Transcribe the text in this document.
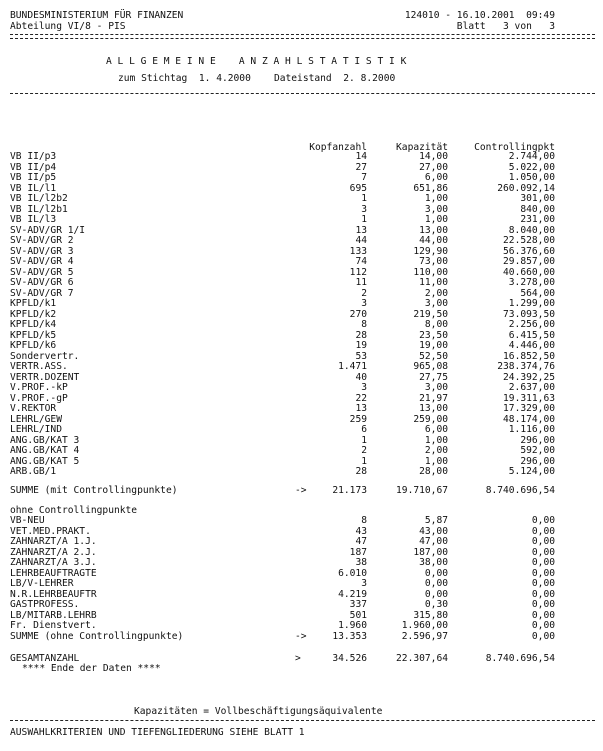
BUNDESMINISTERIUM FÜR FINANZEN
Abteilung VI/8 - PIS
124010 - 16.10.2001  09:49
Blatt   3 von   3
A L L G E M E I N E    A N Z A H L S T A T I S T I K
zum Stichtag  1. 4.2000    Dateistand  2. 8.2000
Kopfanzahl	Kapazität	Controllingpkt
VB II/p3	14	14,00	2.744,00
VB II/p4	27	27,00	5.022,00
VB II/p5	7	6,00	1.050,00
VB IL/l1	695	651,86	260.092,14
VB IL/l2b2	1	1,00	301,00
VB IL/l2b1	3	3,00	840,00
VB IL/l3	1	1,00	231,00
SV-ADV/GR 1/I	13	13,00	8.040,00
SV-ADV/GR 2	44	44,00	22.528,00
SV-ADV/GR 3	133	129,90	56.376,60
SV-ADV/GR 4	74	73,00	29.857,00
SV-ADV/GR 5	112	110,00	40.660,00
SV-ADV/GR 6	11	11,00	3.278,00
SV-ADV/GR 7	2	2,00	564,00
KPFLD/k1	3	3,00	1.299,00
KPFLD/k2	270	219,50	73.093,50
KPFLD/k4	8	8,00	2.256,00
KPFLD/k5	28	23,50	6.415,50
KPFLD/k6	19	19,00	4.446,00
Sondervertr.	53	52,50	16.852,50
VERTR.ASS.	1.471	965,08	238.374,76
VERTR.DOZENT	40	27,75	24.392,25
V.PROF.-kP	3	3,00	2.637,00
V.PROF.-gP	22	21,97	19.311,63
V.REKTOR	13	13,00	17.329,00
LEHRL/GEW	259	259,00	48.174,00
LEHRL/IND	6	6,00	1.116,00
ANG.GB/KAT 3	1	1,00	296,00
ANG.GB/KAT 4	2	2,00	592,00
ANG.GB/KAT 5	1	1,00	296,00
ARB.GB/1	28	28,00	5.124,00
SUMME (mit Controllingpunkte)	->	21.173	19.710,67	8.740.696,54
ohne Controllingpunkte
VB-NEU	8	5,87	0,00
VET.MED.PRAKT.	43	43,00	0,00
ZAHNARZT/A 1.J.	47	47,00	0,00
ZAHNARZT/A 2.J.	187	187,00	0,00
ZAHNARZT/A 3.J.	38	38,00	0,00
LEHRBEAUFTRAGTE	6.010	0,00	0,00
LB/V-LEHRER	3	0,00	0,00
N.R.LEHRBEAUFTR	4.219	0,00	0,00
GASTPROFESS.	337	0,30	0,00
LB/MITARB.LEHRB	501	315,80	0,00
Fr. Dienstvert.	1.960	1.960,00	0,00
SUMME (ohne Controllingpunkte)	->	13.353	2.596,97	0,00
GESAMTANZAHL	>	34.526	22.307,64	8.740.696,54
**** Ende der Daten ****
Kapazitäten = Vollbeschäftigungsäquivalente
AUSWAHLKRITERIEN UND TIEFENGLIEDERUNG SIEHE BLATT 1
